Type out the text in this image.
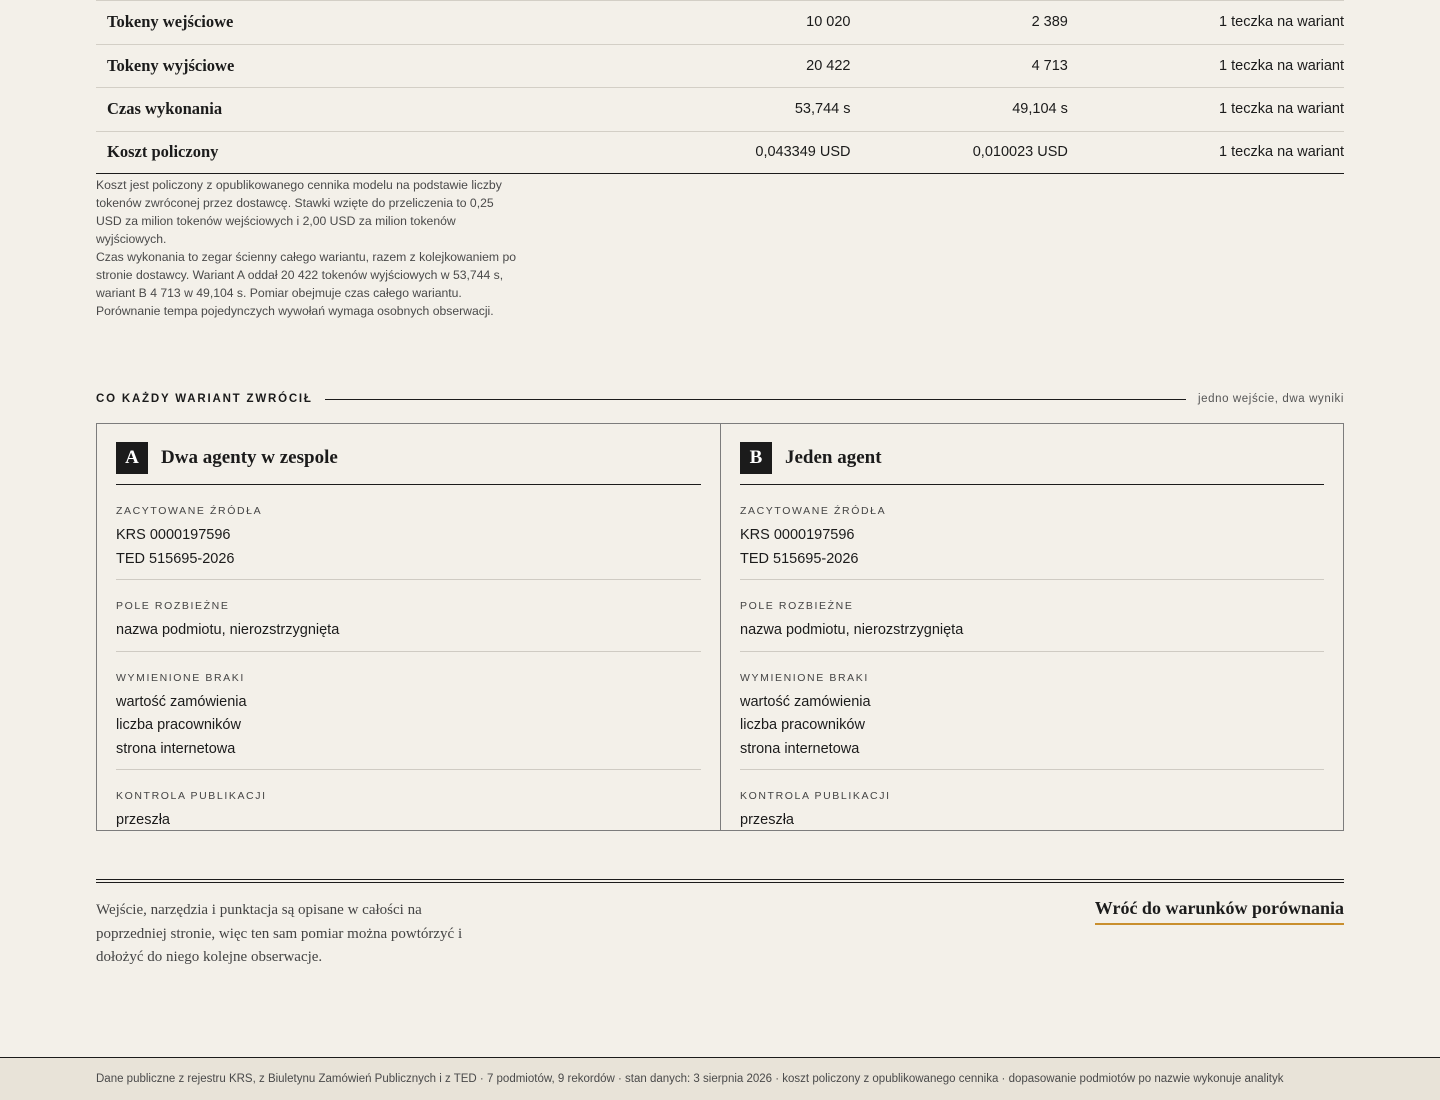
Tokeny wejściowe	10 020	2 389	1 teczka na wariant
Tokeny wyjściowe	20 422	4 713	1 teczka na wariant
Czas wykonania	53,744 s	49,104 s	1 teczka na wariant
Koszt policzony	0,043349 USD	0,010023 USD	1 teczka na wariant

Koszt jest policzony z opublikowanego cennika modelu na podstawie liczby tokenów zwróconej przez dostawcę. Stawki wzięte do przeliczenia to 0,25 USD za milion tokenów wejściowych i 2,00 USD za milion tokenów wyjściowych.

Czas wykonania to zegar ścienny całego wariantu, razem z kolejkowaniem po stronie dostawcy. Wariant A oddał 20 422 tokenów wyjściowych w 53,744 s, wariant B 4 713 w 49,104 s. Pomiar obejmuje czas całego wariantu. Porównanie tempa pojedynczych wywołań wymaga osobnych obserwacji.

CO KAŻDY WARIANT ZWRÓCIŁ	jedno wejście, dwa wyniki
A	Dwa agenty w zespole
ZACYTOWANE ŹRÓDŁA
KRS 0000197596
TED 515695-2026
POLE ROZBIEŻNE
nazwa podmiotu, nierozstrzygnięta
WYMIENIONE BRAKI
wartość zamówienia
liczba pracowników
strona internetowa
KONTROLA PUBLIKACJI
przeszła
B	Jeden agent
ZACYTOWANE ŹRÓDŁA
KRS 0000197596
TED 515695-2026
POLE ROZBIEŻNE
nazwa podmiotu, nierozstrzygnięta
WYMIENIONE BRAKI
wartość zamówienia
liczba pracowników
strona internetowa
KONTROLA PUBLIKACJI
przeszła

Wejście, narzędzia i punktacja są opisane w całości na poprzedniej stronie, więc ten sam pomiar można powtórzyć i dołożyć do niego kolejne obserwacje.

Wróć do warunków porównania
Dane publiczne z rejestru KRS, z Biuletynu Zamówień Publicznych i z TED · 7 podmiotów, 9 rekordów · stan danych: 3 sierpnia 2026 · koszt policzony z opublikowanego cennika · dopasowanie podmiotów po nazwie wykonuje analityk
